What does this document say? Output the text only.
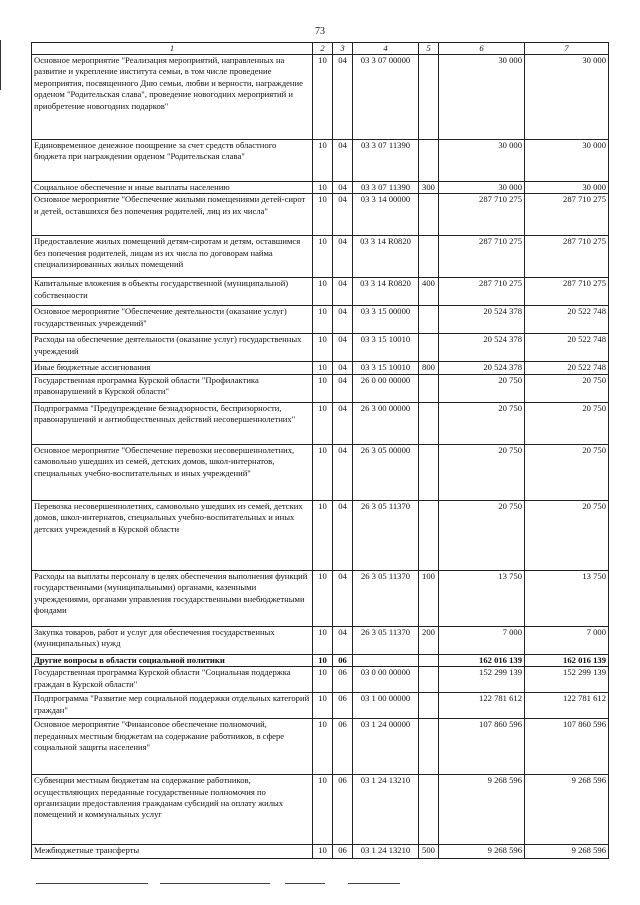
73
1	2	3	4	5	6	7
Основное мероприятие "Реализация мероприятий, направленных на развитие и укрепление института семьи, в том числе проведение мероприятия, посвященного Дню семьи, любви и верности, награждение орденом "Родительская слава", проведение новогодних мероприятий и приобретение новогодних подарков"	10	04	03 3 07 00000		30 000	30 000
Единовременное денежное поощрение за счет средств областного бюджета при награждении орденом "Родительская слава"	10	04	03 3 07 11390		30 000	30 000
Социальное обеспечение и иные выплаты населению	10	04	03 3 07 11390	300	30 000	30 000
Основное мероприятие "Обеспечение жилыми помещениями детей-сирот и детей, оставшихся без попечения родителей, лиц из их числа"	10	04	03 3 14 00000		287 710 275	287 710 275
Предоставление жилых помещений детям-сиротам и детям, оставшимся без попечения родителей, лицам из их числа по договорам найма специализированных жилых помещений	10	04	03 3 14 R0820		287 710 275	287 710 275
Капитальные вложения в объекты государственной (муниципальной) собственности	10	04	03 3 14 R0820	400	287 710 275	287 710 275
Основное мероприятие "Обеспечение деятельности (оказание услуг) государственных учреждений"	10	04	03 3 15 00000		20 524 378	20 522 748
Расходы на обеспечение деятельности (оказание услуг) государственных учреждений	10	04	03 3 15 10010		20 524 378	20 522 748
Иные бюджетные ассигнования	10	04	03 3 15 10010	800	20 524 378	20 522 748
Государственная программа Курской области "Профилактика правонарушений в Курской области"	10	04	26 0 00 00000		20 750	20 750
Подпрограмма "Предупреждение безнадзорности, беспризорности, правонарушений и антиобщественных действий несовершеннолетних"	10	04	26 3 00 00000		20 750	20 750
Основное мероприятие "Обеспечение перевозки несовершеннолетних, самовольно ушедших из семей, детских домов, школ-интернатов, специальных учебно-воспитательных и иных учреждений"	10	04	26 3 05 00000		20 750	20 750
Перевозка несовершеннолетних, самовольно ушедших из семей, детских домов, школ-интернатов, специальных учебно-воспитательных и иных детских учреждений в Курской области	10	04	26 3 05 11370		20 750	20 750
Расходы на выплаты персоналу в целях обеспечения выполнения функций государственными (муниципальными) органами, казенными учреждениями, органами управления государственными внебюджетными фондами	10	04	26 3 05 11370	100	13 750	13 750
Закупка товаров, работ и услуг для обеспечения государственных (муниципальных) нужд	10	04	26 3 05 11370	200	7 000	7 000
Другие вопросы в области социальной политики	10	06			162 016 139	162 016 139
Государственная программа Курской области "Социальная поддержка граждан в Курской области"	10	06	03 0 00 00000		152 299 139	152 299 139
Подпрограмма "Развитие мер социальной поддержки отдельных категорий граждан"	10	06	03 1 00 00000		122 781 612	122 781 612
Основное мероприятие "Финансовое обеспечение полномочий, переданных местным бюджетам на содержание работников, в сфере социальной защиты населения"	10	06	03 1 24 00000		107 860 596	107 860 596
Субвенции местным бюджетам на содержание работников, осуществляющих переданные государственные полномочия по организации предоставления гражданам субсидий на оплату жилых помещений и коммунальных услуг	10	06	03 1 24 13210		9 268 596	9 268 596
Межбюджетные трансферты	10	06	03 1 24 13210	500	9 268 596	9 268 596
